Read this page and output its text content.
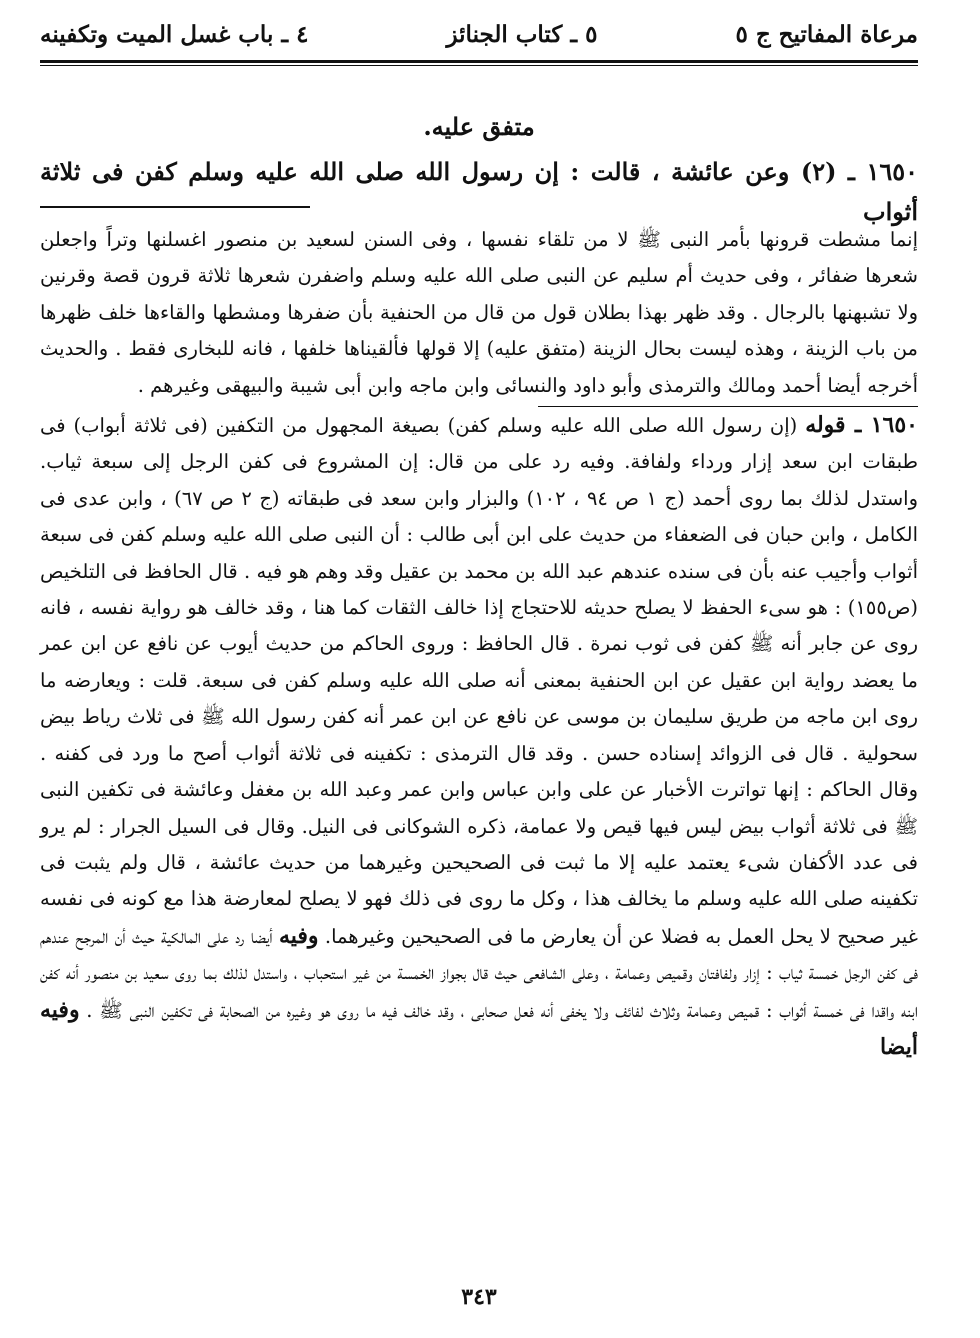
مرعاة المفاتيح ج ٥
٥ ـ كتاب الجنائز
٤ ـ باب غسل الميت وتكفينه
متفق عليه.
١٦٥٠ ـ (٢) وعن عائشة ، قالت : إن رسول الله صلى الله عليه وسلم كفن فى ثلاثة أثواب

إنما مشطت قرونها بأمر النبى ﷺ لا من تلقاء نفسها ، وفى السنن لسعيد بن منصور اغسلنها وتراً واجعلن شعرها ضفائر ، وفى حديث أم سليم عن النبى صلى الله عليه وسلم واضفرن شعرها ثلاثة قرون قصة وقرنين ولا تشبهنها بالرجال . وقد ظهر بهذا بطلان قول من قال من الحنفية بأن ضفرها ومشطها والقاءها خلف ظهرها من باب الزينة ، وهذه ليست بحال الزينة (متفق عليه) إلا قولها فألقيناها خلفها ، فانه للبخارى فقط . والحديث أخرجه أيضا أحمد ومالك والترمذى وأبو داود والنسائى وابن ماجه وابن أبى شيبة والبيهقى وغيرهم .

١٦٥٠ ـ قوله (إن رسول الله صلى الله عليه وسلم كفن) بصيغة المجهول من التكفين (فى ثلاثة أبواب) فى طبقات ابن سعد إزار ورداء ولفافة. وفيه رد على من قال: إن المشروع فى كفن الرجل إلى سبعة ثياب. واستدل لذلك بما روى أحمد (ج ١ ص ٩٤ ، ١٠٢) والبزار وابن سعد فى طبقاته (ج ٢ ص ٦٧) ، وابن عدى فى الكامل ، وابن حبان فى الضعفاء من حديث على ابن أبى طالب : أن النبى صلى الله عليه وسلم كفن فى سبعة أثواب وأجيب عنه بأن فى سنده عندهم عبد الله بن محمد بن عقيل وقد وهم هو فيه . قال الحافظ فى التلخيص (ص١٥٥) : هو سىء الحفظ لا يصلح حديثه للاحتجاج إذا خالف الثقات كما هنا ، وقد خالف هو رواية نفسه ، فانه روى عن جابر أنه ﷺ كفن فى ثوب نمرة . قال الحافظ : وروى الحاكم من حديث أيوب عن نافع عن ابن عمر ما يعضد رواية ابن عقيل عن ابن الحنفية بمعنى أنه صلى الله عليه وسلم كفن فى سبعة. قلت : ويعارضه ما روى ابن ماجه من طريق سليمان بن موسى عن نافع عن ابن عمر أنه كفن رسول الله ﷺ فى ثلاث رياط بيض سحولية . قال فى الزوائد إسناده حسن . وقد قال الترمذى : تكفينه فى ثلاثة أثواب أصح ما ورد فى كفنه . وقال الحاكم : إنها تواترت الأخبار عن على وابن عباس وابن عمر وعبد الله بن مغفل وعائشة فى تكفين النبى ﷺ فى ثلاثة أثواب بيض ليس فيها قيص ولا عمامة، ذكره الشوكانى فى النيل. وقال فى السيل الجرار : لم يرو فى عدد الأكفان شىء يعتمد عليه إلا ما ثبت فى الصحيحين وغيرهما من حديث عائشة ، قال ولم يثبت فى تكفينه صلى الله عليه وسلم ما يخالف هذا ، وكل ما روى فى ذلك فهو لا يصلح لمعارضة هذا مع كونه فى نفسه غير صحيح لا يحل العمل به فضلا عن أن يعارض ما فى الصحيحين وغيرهما. وفيه أيضا رد على المالكية حيث أن المرجح عندهم فى كفن الرجل خمسة ثياب : إزار ولفافتان وقميص وعمامة ، وعلى الشافعى حيث قال بجواز الخمسة من غير استحباب ، واستدل لذلك بما روى سعيد بن منصور أنه كفن ابنه واقدا فى خمسة أثواب : قميص وعمامة وثلاث لفائف ولا يخفى أنه فعل صحابى ، وقد خالف فيه ما روى هو وغيره من الصحابة فى تكفين النبى ﷺ . وفيه أيضا

٣٤٣
